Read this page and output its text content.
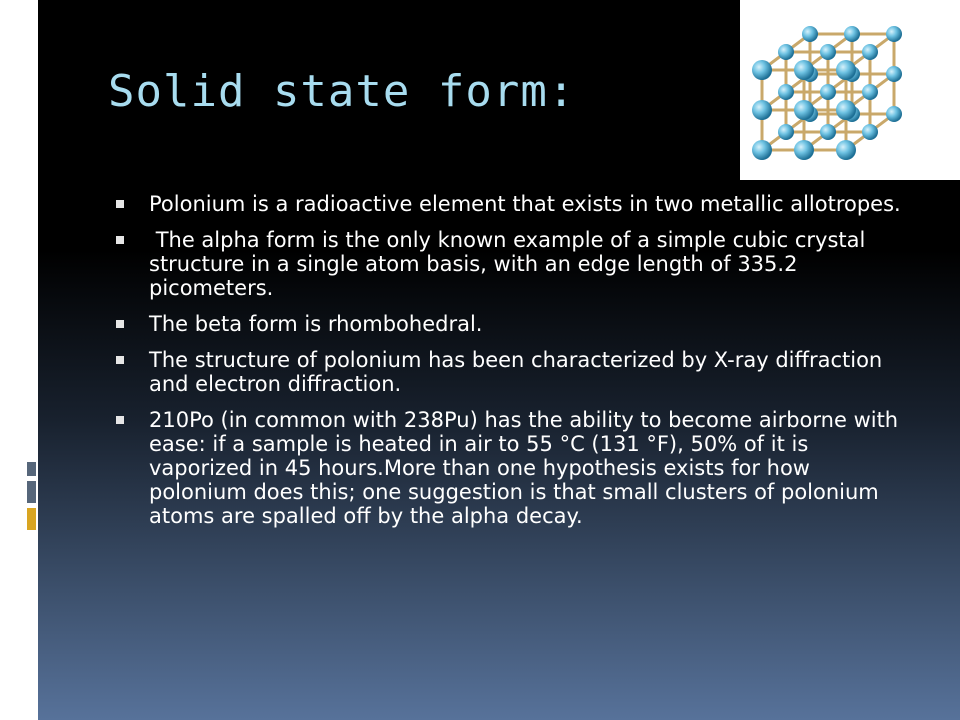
Solid state form:
Polonium is a radioactive element that exists in two metallic allotropes.
The alpha form is the only known example of a simple cubic crystal structure in a single atom basis, with an edge length of 335.2 picometers.
The beta form is rhombohedral.
The structure of polonium has been characterized by X-ray diffraction and electron diffraction.
210Po (in common with 238Pu) has the ability to become airborne with ease: if a sample is heated in air to 55 °C (131 °F), 50% of it is vaporized in 45 hours.More than one hypothesis exists for how polonium does this; one suggestion is that small clusters of polonium atoms are spalled off by the alpha decay.
